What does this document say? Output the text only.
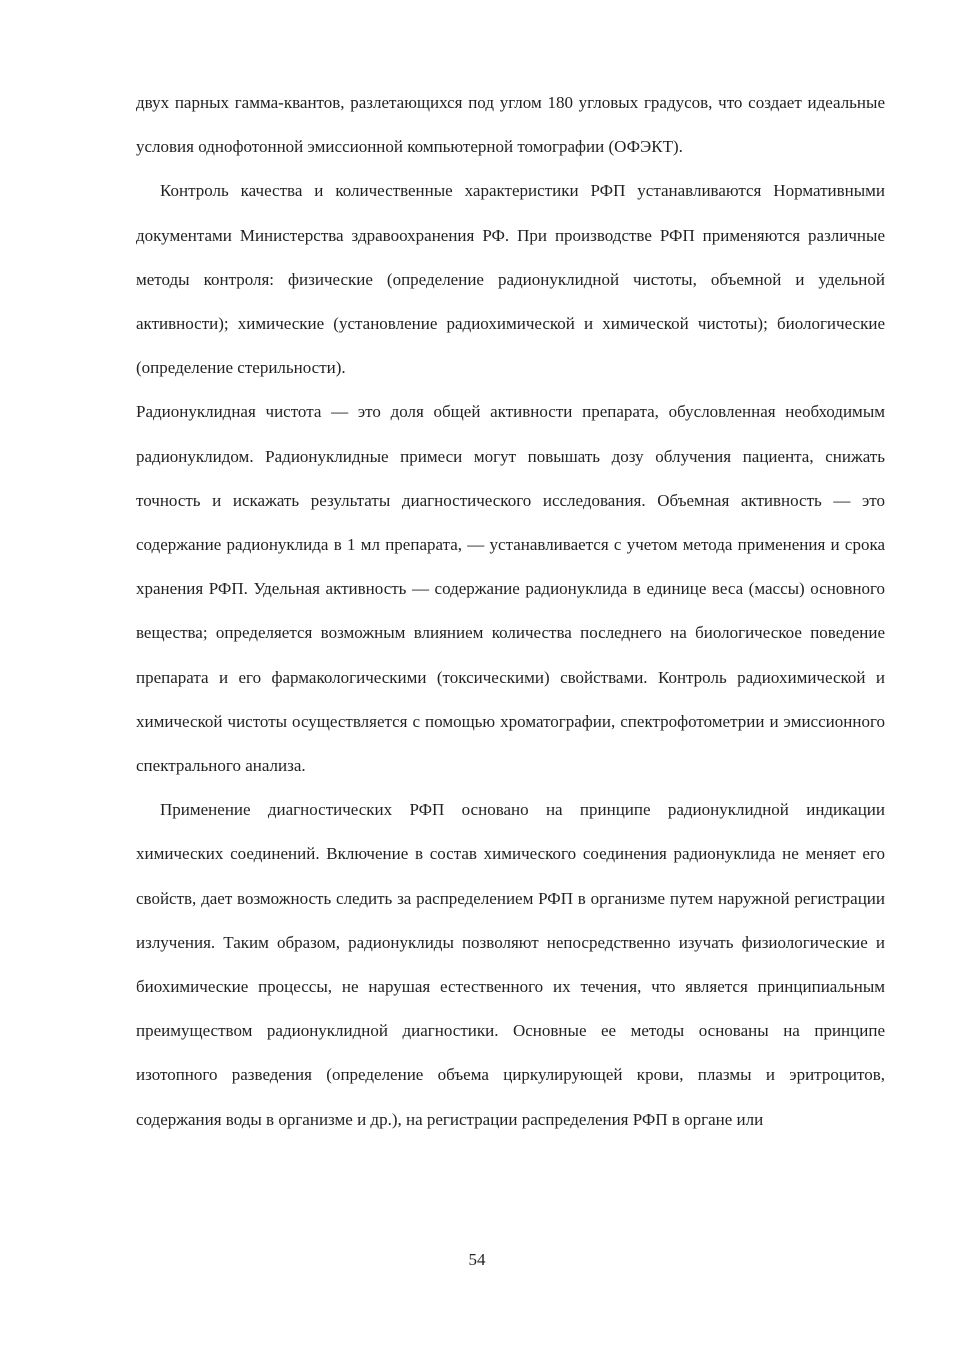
двух парных гамма-квантов, разлетающихся под углом 180 угловых градусов, что создает идеальные условия однофотонной эмиссионной компьютерной томографии (ОФЭКТ).

Контроль качества и количественные характеристики РФП устанавливаются Нормативными документами Министерства здравоохранения РФ. При производстве РФП применяются различные методы контроля: физические (определение радионуклидной чистоты, объемной и удельной активности); химические (установление радиохимической и химической чистоты); биологические (определение стерильности).

Радионуклидная чистота — это доля общей активности препарата, обусловленная необходимым радионуклидом. Радионуклидные примеси могут повышать дозу облучения пациента, снижать точность и искажать результаты диагностического исследования. Объемная активность — это содержание радионуклида в 1 мл препарата, — устанавливается с учетом метода применения и срока хранения РФП. Удельная активность — содержание радионуклида в единице веса (массы) основного вещества; определяется возможным влиянием количества последнего на биологическое поведение препарата и его фармакологическими (токсическими) свойствами. Контроль радиохимической и химической чистоты осуществляется с помощью хроматографии, спектрофотометрии и эмиссионного спектрального анализа.

Применение диагностических РФП основано на принципе радионуклидной индикации химических соединений. Включение в состав химического соединения радионуклида не меняет его свойств, дает возможность следить за распределением РФП в организме путем наружной регистрации излучения. Таким образом, радионуклиды позволяют непосредственно изучать физиологические и биохимические процессы, не нарушая естественного их течения, что является принципиальным преимуществом радионуклидной диагностики. Основные ее методы основаны на принципе изотопного разведения (определение объема циркулирующей крови, плазмы и эритроцитов, содержания воды в организме и др.), на регистрации распределения РФП в органе или

54
